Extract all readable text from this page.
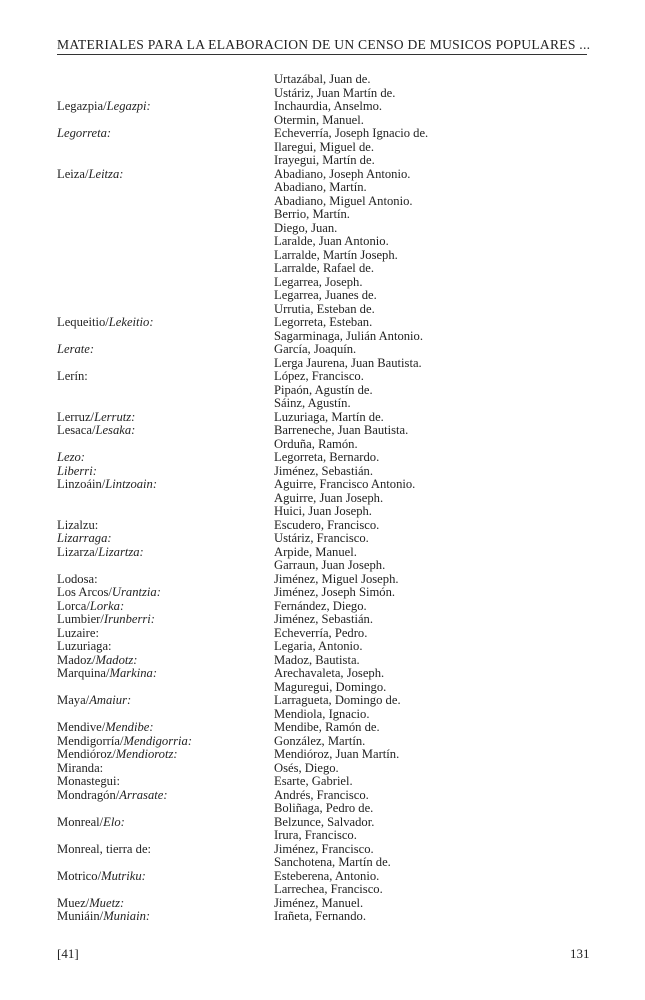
MATERIALES PARA LA ELABORACION DE UN CENSO DE MUSICOS POPULARES ...
Urtazábal, Juan de.
Ustáriz, Juan Martín de.
Legazpia/Legazpi:	Inchaurdia, Anselmo.
Otermin, Manuel.
Legorreta:	Echeverría, Joseph Ignacio de.
Ilaregui, Miguel de.
Irayegui, Martín de.
Leiza/Leitza:	Abadiano, Joseph Antonio.
Abadiano, Martín.
Abadiano, Miguel Antonio.
Berrio, Martín.
Diego, Juan.
Laralde, Juan Antonio.
Larralde, Martín Joseph.
Larralde, Rafael de.
Legarrea, Joseph.
Legarrea, Juanes de.
Urrutia, Esteban de.
Lequeitio/Lekeitio:	Legorreta, Esteban.
Sagarminaga, Julián Antonio.
Lerate:	García, Joaquín.
Lerga Jaurena, Juan Bautista.
Lerín:	López, Francisco.
Pipaón, Agustín de.
Sáinz, Agustín.
Lerruz/Lerrutz:	Luzuriaga, Martín de.
Lesaca/Lesaka:	Barreneche, Juan Bautista.
Orduña, Ramón.
Lezo:	Legorreta, Bernardo.
Liberri:	Jiménez, Sebastián.
Linzoáin/Lintzoain:	Aguirre, Francisco Antonio.
Aguirre, Juan Joseph.
Huici, Juan Joseph.
Lizalzu:	Escudero, Francisco.
Lizarraga:	Ustáriz, Francisco.
Lizarza/Lizartza:	Arpide, Manuel.
Garraun, Juan Joseph.
Lodosa:	Jiménez, Miguel Joseph.
Los Arcos/Urantzia:	Jiménez, Joseph Simón.
Lorca/Lorka:	Fernández, Diego.
Lumbier/Irunberri:	Jiménez, Sebastián.
Luzaire:	Echeverría, Pedro.
Luzuriaga:	Legaria, Antonio.
Madoz/Madotz:	Madoz, Bautista.
Marquina/Markina:	Arechavaleta, Joseph.
Maguregui, Domingo.
Maya/Amaiur:	Larragueta, Domingo de.
Mendiola, Ignacio.
Mendive/Mendibe:	Mendibe, Ramón de.
Mendigorría/Mendigorria:	González, Martín.
Mendióroz/Mendiorotz:	Mendióroz, Juan Martín.
Miranda:	Osés, Diego.
Monastegui:	Esarte, Gabriel.
Mondragón/Arrasate:	Andrés, Francisco.
Boliñaga, Pedro de.
Monreal/Elo:	Belzunce, Salvador.
Irura, Francisco.
Monreal, tierra de:	Jiménez, Francisco.
Sanchotena, Martín de.
Motrico/Mutriku:	Esteberena, Antonio.
Larrechea, Francisco.
Muez/Muetz:	Jiménez, Manuel.
Muniáin/Muniain:	Irañeta, Fernando.
[41]	131
